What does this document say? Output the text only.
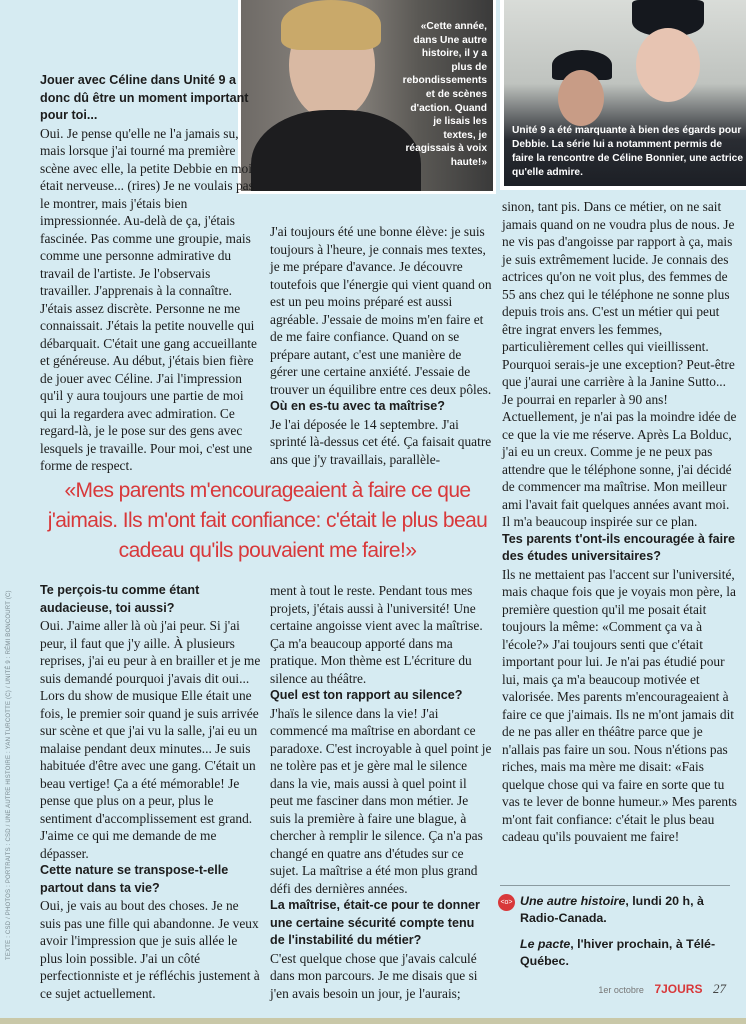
«Cette année, dans Une autre histoire, il y a plus de rebondissements et de scènes d'action. Quand je lisais les textes, je réagissais à voix haute!»
Unité 9 a été marquante à bien des égards pour Debbie. La série lui a notamment permis de faire la rencontre de Céline Bonnier, une actrice qu'elle admire.

Jouer avec Céline dans Unité 9 a donc dû être un moment important pour toi...

Oui. Je pense qu'elle ne l'a jamais su, mais lorsque j'ai tourné ma première scène avec elle, la petite Debbie en moi était nerveuse... (rires) Je ne voulais pas le montrer, mais j'étais bien impressionnée. Au-delà de ça, j'étais fascinée. Pas comme une groupie, mais comme une personne admirative du travail de l'artiste. Je l'observais travailler. J'apprenais à la connaître. J'étais assez discrète. Personne ne me connaissait. J'étais la petite nouvelle qui débarquait. C'était une gang accueillante et généreuse. Au début, j'étais bien fière de jouer avec Céline. J'ai l'impression qu'il y aura toujours une partie de moi qui la regardera avec admiration. Ce regard-là, je le pose sur des gens avec lesquels je travaille. Pour moi, c'est une forme de respect.

J'ai toujours été une bonne élève: je suis toujours à l'heure, je connais mes textes, je me prépare d'avance. Je découvre toutefois que l'énergie qui vient quand on est un peu moins préparé est aussi agréable. J'essaie de moins m'en faire et de me faire confiance. Quand on se prépare autant, c'est une manière de gérer une certaine anxiété. J'essaie de trouver un équilibre entre ces deux pôles.

Où en es-tu avec ta maîtrise?

Je l'ai déposée le 14 septembre. J'ai sprinté là-dessus cet été. Ça faisait quatre ans que j'y travaillais, parallèle-

sinon, tant pis. Dans ce métier, on ne sait jamais quand on ne voudra plus de nous. Je ne vis pas d'angoisse par rapport à ça, mais je suis extrêmement lucide. Je connais des actrices qu'on ne voit plus, des femmes de 55 ans chez qui le téléphone ne sonne plus depuis trois ans. C'est un métier qui peut être ingrat envers les femmes, particulièrement celles qui vieillissent. Pourquoi serais-je une exception? Peut-être que j'aurai une carrière à la Janine Sutto... Je pourrai en reparler à 90 ans! Actuellement, je n'ai pas la moindre idée de ce que la vie me réserve. Après La Bolduc, j'ai eu un creux. Comme je ne peux pas attendre que le téléphone sonne, j'ai décidé de commencer ma maîtrise. Mon meilleur ami l'avait fait quelques années avant moi. Il m'a beaucoup inspirée sur ce plan.

Tes parents t'ont-ils encouragée à faire des études universitaires?

Ils ne mettaient pas l'accent sur l'université, mais chaque fois que je voyais mon père, la première question qu'il me posait était toujours la même: «Comment ça va à l'école?» J'ai toujours senti que c'était important pour lui. Je n'ai pas étudié pour lui, mais ça m'a beaucoup motivée et valorisée. Mes parents m'encourageaient à faire ce que j'aimais. Ils ne m'ont jamais dit de ne pas aller en théâtre parce que je n'allais pas faire un sou. Nous n'étions pas riches, mais ma mère me disait: «Fais quelque chose qui va faire en sorte que tu vas te lever de bonne humeur.» Mes parents m'ont fait confiance: c'était le plus beau cadeau qu'ils pouvaient me faire!

Te perçois-tu comme étant audacieuse, toi aussi?

Oui. J'aime aller là où j'ai peur. Si j'ai peur, il faut que j'y aille. À plusieurs reprises, j'ai eu peur à en brailler et je me suis demandé pourquoi j'avais dit oui... Lors du show de musique Elle était une fois, le premier soir quand je suis arrivée sur scène et que j'ai vu la salle, j'ai eu un malaise pendant deux minutes... Je suis habituée d'être avec une gang. C'était un beau vertige! Ça a été mémorable! Je pense que plus on a peur, plus le sentiment d'accomplissement est grand. J'aime ce qui me demande de me dépasser.

Cette nature se transpose-t-elle partout dans ta vie?

Oui, je vais au bout des choses. Je ne suis pas une fille qui abandonne. Je veux avoir l'impression que je suis allée le plus loin possible. J'ai un côté perfectionniste et je réfléchis justement à ce sujet actuellement.

ment à tout le reste. Pendant tous mes projets, j'étais aussi à l'université! Une certaine angoisse vient avec la maîtrise. Ça m'a beaucoup apporté dans ma pratique. Mon thème est L'écriture du silence au théâtre.

Quel est ton rapport au silence?

J'haïs le silence dans la vie! J'ai commencé ma maîtrise en abordant ce paradoxe. C'est incroyable à quel point je ne tolère pas et je gère mal le silence dans la vie, mais aussi à quel point il peut me fasciner dans mon métier. Je suis la première à faire une blague, à chercher à remplir le silence. Ça n'a pas changé en quatre ans d'études sur ce sujet. La maîtrise a été mon plus grand défi des dernières années.

La maîtrise, était-ce pour te donner une certaine sécurité compte tenu de l'instabilité du métier?

C'est quelque chose que j'avais calculé dans mon parcours. Je me disais que si j'en avais besoin un jour, je l'aurais;

«Mes parents m'encourageaient à faire ce que j'aimais. Ils m'ont fait confiance: c'était le plus beau cadeau qu'ils pouvaient me faire!»
<o> Une autre histoire, lundi 20 h, à Radio-Canada.

Le pacte, l'hiver prochain, à Télé-Québec.

TEXTE : CSD / PHOTOS : PORTRAITS : CSD / UNE AUTRE HISTOIRE : YAN TURCOTTE (C) / UNITÉ 9 : RÉMI BONCOURT (C)
1er octobre 7JOURS 27
